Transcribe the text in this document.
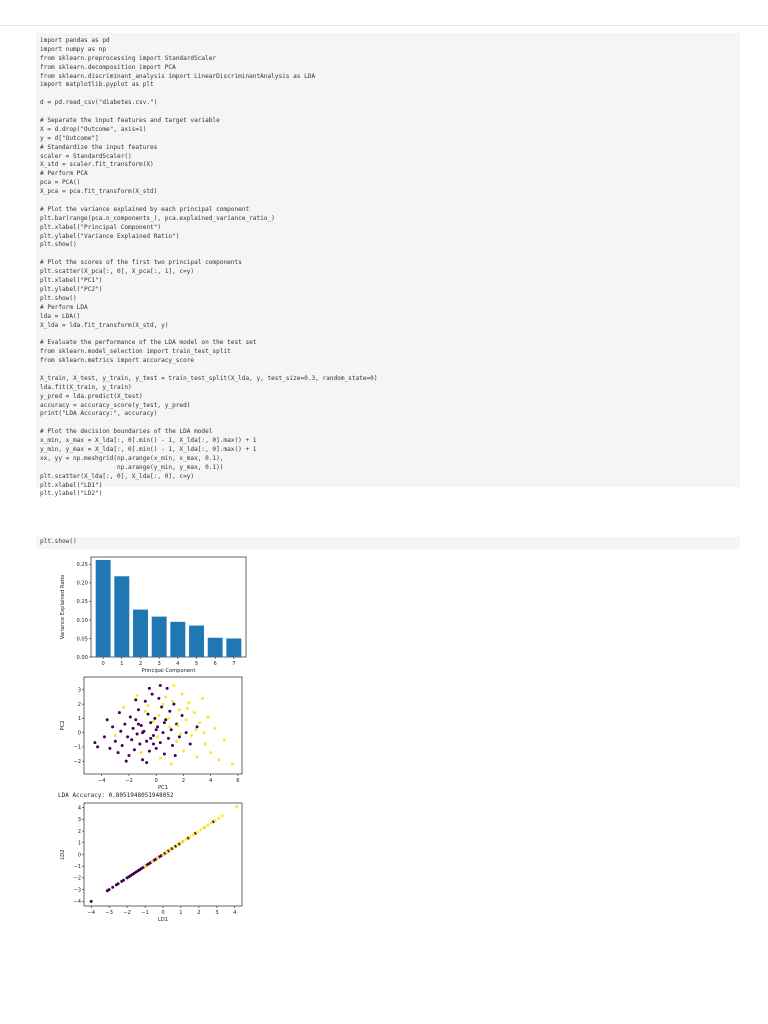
import pandas as pd
import numpy as np
from sklearn.preprocessing import StandardScaler
from sklearn.decomposition import PCA
from sklearn.discriminant_analysis import LinearDiscriminantAnalysis as LDA
import matplotlib.pyplot as plt
d = pd.read_csv("diabetes.csv.")
# Separate the input features and target variable
X = d.drop("Outcome", axis=1)
y = d["Outcome"]
# Standardize the input features
scaler = StandardScaler()
X_std = scaler.fit_transform(X)
# Perform PCA
pca = PCA()
X_pca = pca.fit_transform(X_std)
# Plot the variance explained by each principal component
plt.bar(range(pca.n_components_), pca.explained_variance_ratio_)
plt.xlabel("Principal Component")
plt.ylabel("Variance Explained Ratio")
plt.show()
# Plot the scores of the first two principal components
plt.scatter(X_pca[:, 0], X_pca[:, 1], c=y)
plt.xlabel("PC1")
plt.ylabel("PC2")
plt.show()
# Perform LDA
lda = LDA()
X_lda = lda.fit_transform(X_std, y)
# Evaluate the performance of the LDA model on the test set
from sklearn.model_selection import train_test_split
from sklearn.metrics import accuracy_score
X_train, X_test, y_train, y_test = train_test_split(X_lda, y, test_size=0.3, random_state=0)
lda.fit(X_train, y_train)
y_pred = lda.predict(X_test)
accuracy = accuracy_score(y_test, y_pred)
print("LDA Accuracy:", accuracy)
# Plot the decision boundaries of the LDA model
x_min, x_max = X_lda[:, 0].min() - 1, X_lda[:, 0].max() + 1
y_min, y_max = X_lda[:, 0].min() - 1, X_lda[:, 0].max() + 1
xx, yy = np.meshgrid(np.arange(x_min, x_max, 0.1),
np.arange(y_min, y_max, 0.1))
plt.scatter(X_lda[:, 0], X_lda[:, 0], c=y)
plt.xlabel("LD1")
plt.ylabel("LD2")
plt.show()
0	1	2	3	4	5	6	7
0.00
0.05
0.10
0.15
0.20
0.25
Principal Component
Variance Explained Ratio
−4	−2	0	2	4	6
−2
−1
0
1
2
3
PC1
PC2
LDA Accuracy: 0.8051948051948052
−4 −3 −2 −1 0	1	2	3	4
−4
−3
−2
−1
0
1
2
3
4
LD1
LD2
